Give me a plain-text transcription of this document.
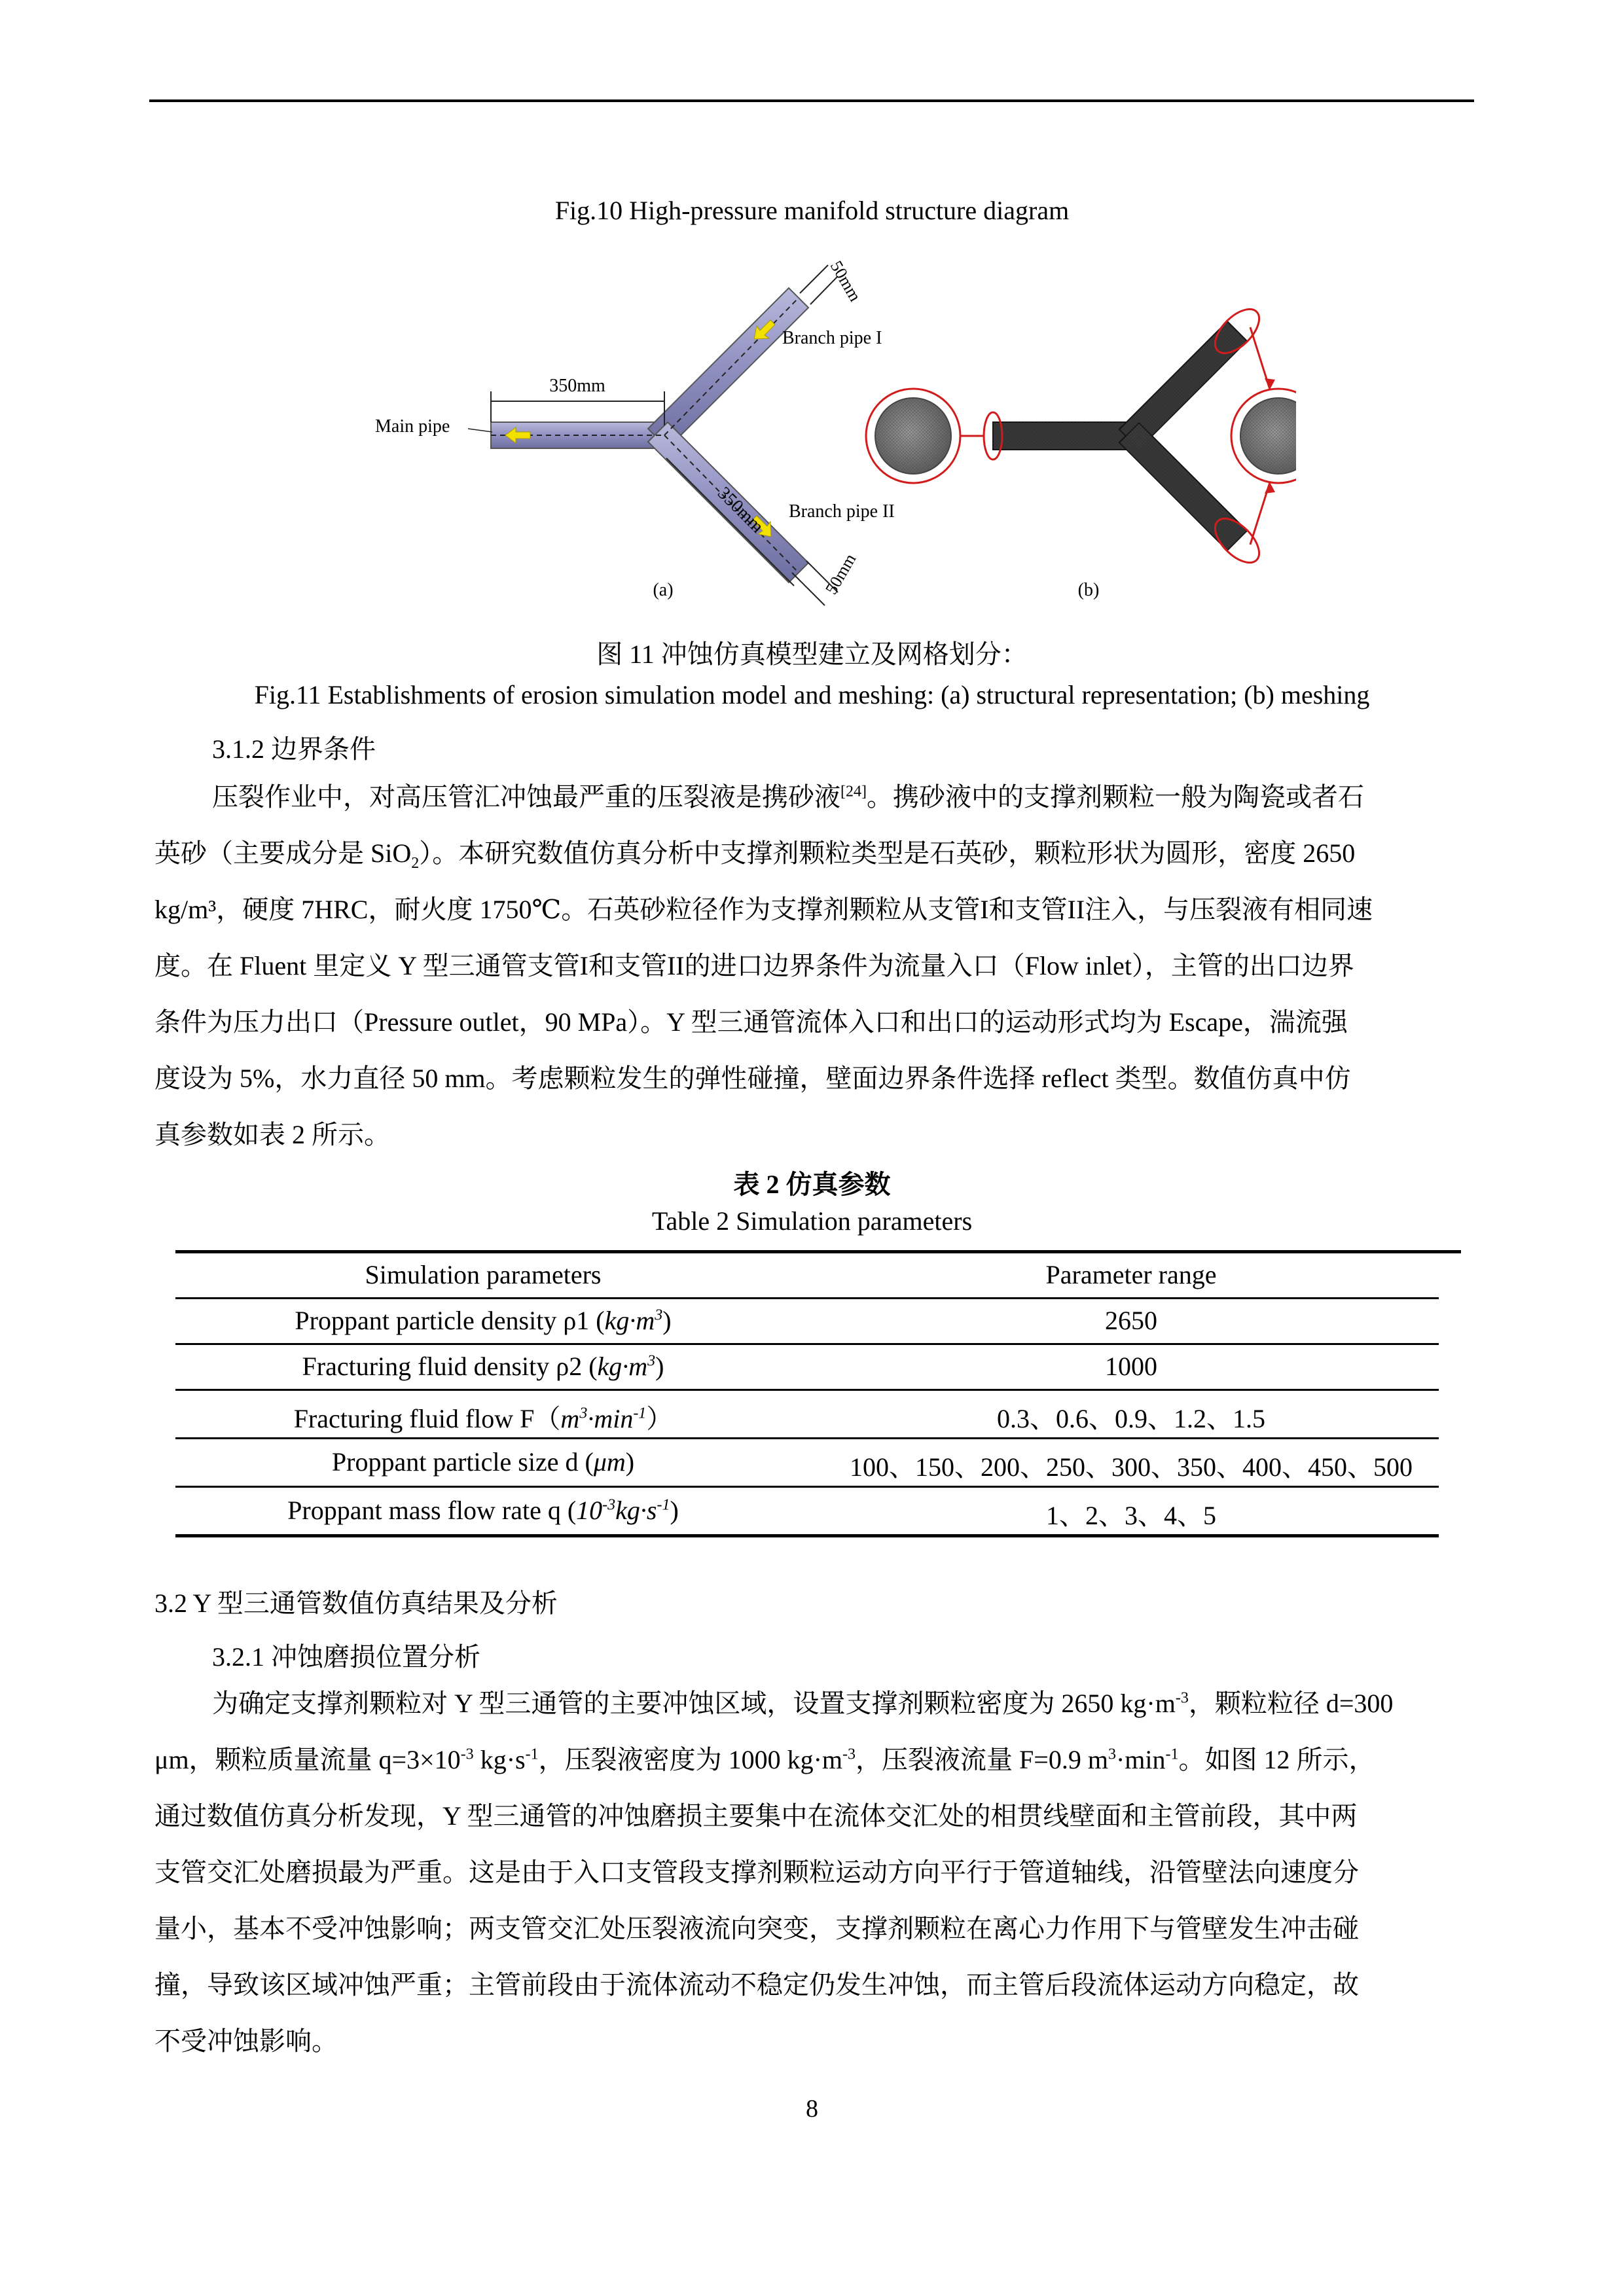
Fig.10 High-pressure manifold structure diagram
350mm
350mm
50mm
50mm
Main pipe
Branch pipe I
Branch pipe II
(a)	(b)
图 11 冲蚀仿真模型建立及网格划分：
Fig.11 Establishments of erosion simulation model and meshing: (a) structural representation; (b) meshing
3.1.2 边界条件
压裂作业中，对高压管汇冲蚀最严重的压裂液是携砂液[24]。携砂液中的支撑剂颗粒一般为陶瓷或者石
英砂（主要成分是 SiO$_2$）。本研究数值仿真分析中支撑剂颗粒类型是石英砂，颗粒形状为圆形，密度 2650
kg/m³，硬度 7HRC，耐火度 1750℃。石英砂粒径作为支撑剂颗粒从支管I和支管II注入，与压裂液有相同速
度。在 Fluent 里定义 Y 型三通管支管I和支管II的进口边界条件为流量入口（Flow inlet），主管的出口边界
条件为压力出口（Pressure outlet，90 MPa）。Y 型三通管流体入口和出口的运动形式均为 Escape，湍流强
度设为 5%，水力直径 50 mm。考虑颗粒发生的弹性碰撞，壁面边界条件选择 reflect 类型。数值仿真中仿
真参数如表 2 所示。
表 2 仿真参数
Table 2 Simulation parameters
Simulation parameters	Parameter range
Proppant particle density ρ1 $(kg\cdot m^3)$	2650
Fracturing fluid density ρ2 $(kg\cdot m^3)$	1000
Fracturing fluid flow $F(m^3\cdot\min^{-1})$	0.3、0.6、0.9、1.2、1.5
Proppant particle size d (μm)	100、150、200、250、300、350、400、450、500
Proppant mass flow rate q $(10^{-3}kg\cdot s^{-1})$	1、2、3、4、5
3.2 Y 型三通管数值仿真结果及分析
3.2.1 冲蚀磨损位置分析
为确定支撑剂颗粒对 Y 型三通管的主要冲蚀区域，设置支撑剂颗粒密度为 2650 $kg\cdot m^{-3}$，颗粒粒径 d=300
μm，颗粒质量流量 $q=3\times 10^{-3}$ $kg\cdot s^{-1}$，压裂液密度为 1000 $kg\cdot m^{-3}$，压裂液流量 F=0.9 $m^3\cdot\min^{-1}$。如图 12 所示，
通过数值仿真分析发现，Y 型三通管的冲蚀磨损主要集中在流体交汇处的相贯线壁面和主管前段，其中两
支管交汇处磨损最为严重。这是由于入口支管段支撑剂颗粒运动方向平行于管道轴线，沿管壁法向速度分
量小，基本不受冲蚀影响；两支管交汇处压裂液流向突变，支撑剂颗粒在离心力作用下与管壁发生冲击碰
撞，导致该区域冲蚀严重；主管前段由于流体流动不稳定仍发生冲蚀，而主管后段流体运动方向稳定，故
不受冲蚀影响。
8
